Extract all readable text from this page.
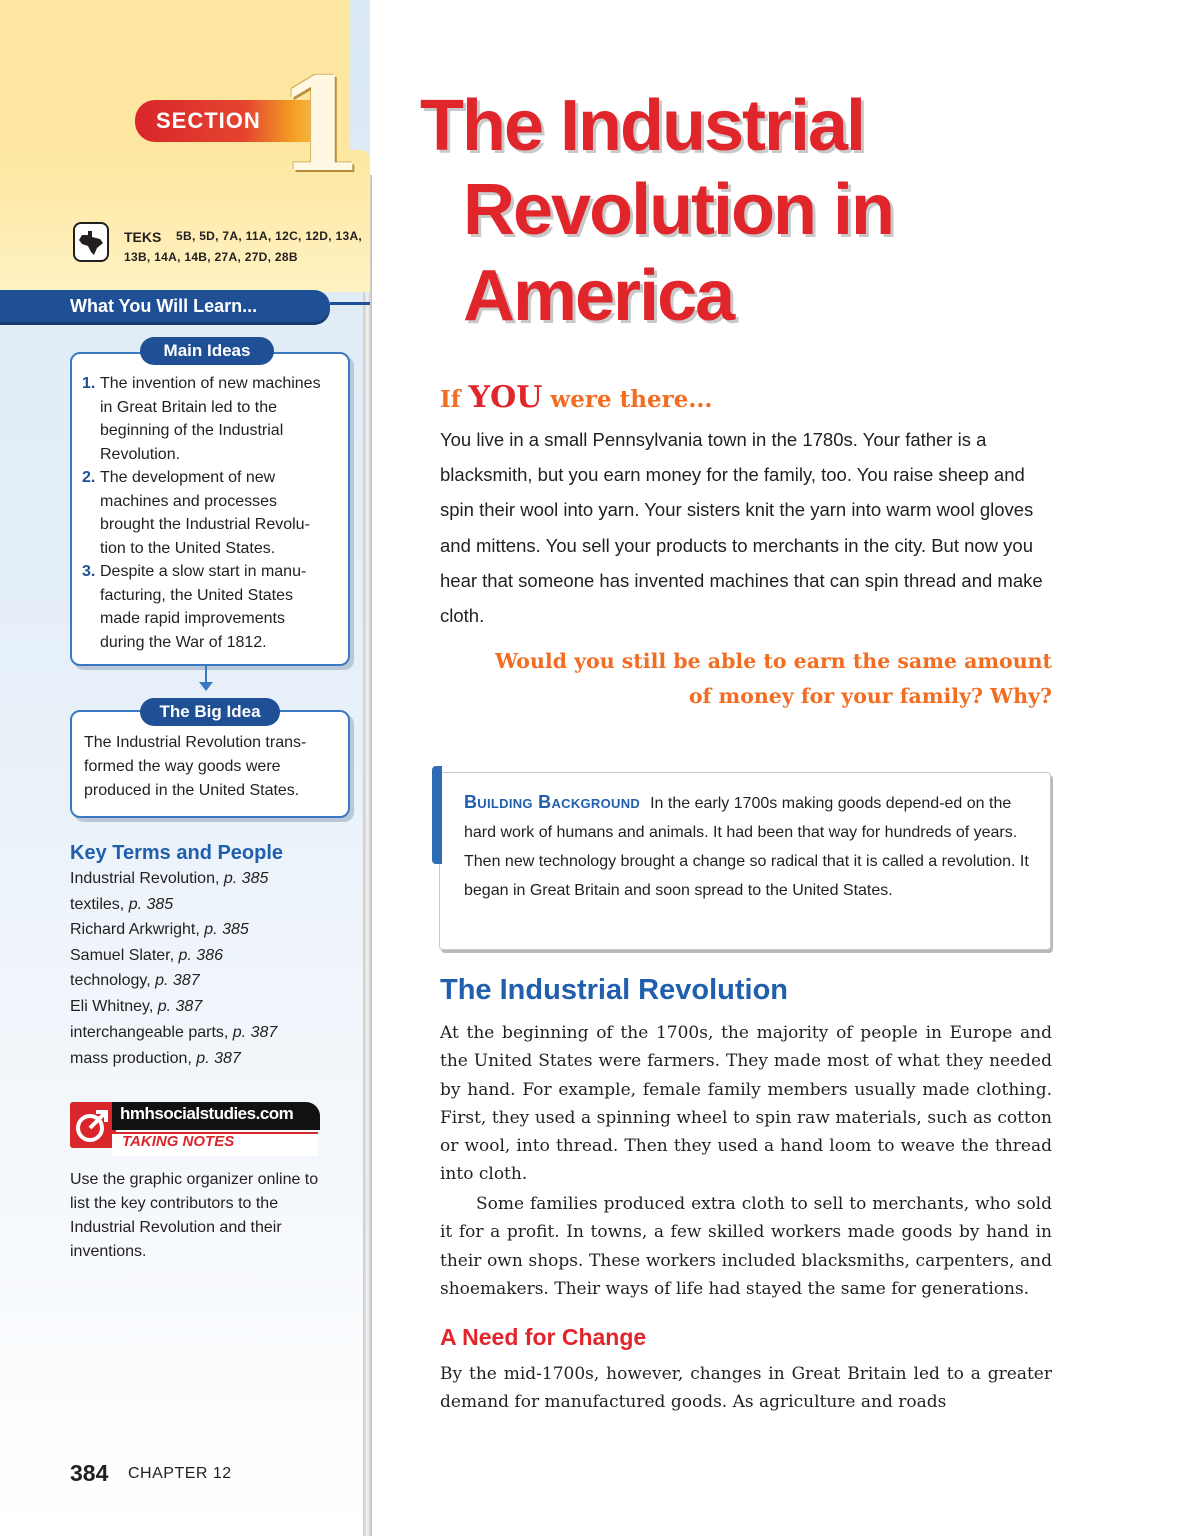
SECTION 1
TEKS 5B, 5D, 7A, 11A, 12C, 12D, 13A,
13B, 14A, 14B, 27A, 27D, 28B
What You Will Learn...
Main Ideas
1. The invention of new machines in Great Britain led to the beginning of the Industrial Revolution.
2. The development of new machines and processes brought the Industrial Revolu-tion to the United States.
3. Despite a slow start in manu-facturing, the United States made rapid improvements during the War of 1812.
The Big Idea
The Industrial Revolution trans-formed the way goods were produced in the United States.
Key Terms and People
Industrial Revolution, p. 385
textiles, p. 385
Richard Arkwright, p. 385
Samuel Slater, p. 386
technology, p. 387
Eli Whitney, p. 387
interchangeable parts, p. 387
mass production, p. 387
hmhsocialstudies.com
TAKING NOTES
Use the graphic organizer online to list the key contributors to the Industrial Revolution and their inventions.
384 CHAPTER 12
The Industrial
Revolution in
America
If YOU were there...
You live in a small Pennsylvania town in the 1780s. Your father is a blacksmith, but you earn money for the family, too. You raise sheep and spin their wool into yarn. Your sisters knit the yarn into warm wool gloves and mittens. You sell your products to merchants in the city. But now you hear that someone has invented machines that can spin thread and make cloth.
Would you still be able to earn the same amount
of money for your family? Why?
Building Background In the early 1700s making goods depend-ed on the hard work of humans and animals. It had been that way for hundreds of years. Then new technology brought a change so radical that it is called a revolution. It began in Great Britain and soon spread to the United States.
The Industrial Revolution
At the beginning of the 1700s, the majority of people in Europe and the United States were farmers. They made most of what they needed by hand. For example, female family members usually made clothing. First, they used a spinning wheel to spin raw materials, such as cotton or wool, into thread. Then they used a hand loom to weave the thread into cloth.
Some families produced extra cloth to sell to merchants, who sold it for a profit. In towns, a few skilled workers made goods by hand in their own shops. These workers included blacksmiths, carpenters, and shoemakers. Their ways of life had stayed the same for generations.
A Need for Change
By the mid-1700s, however, changes in Great Britain led to a greater demand for manufactured goods. As agriculture and roads
